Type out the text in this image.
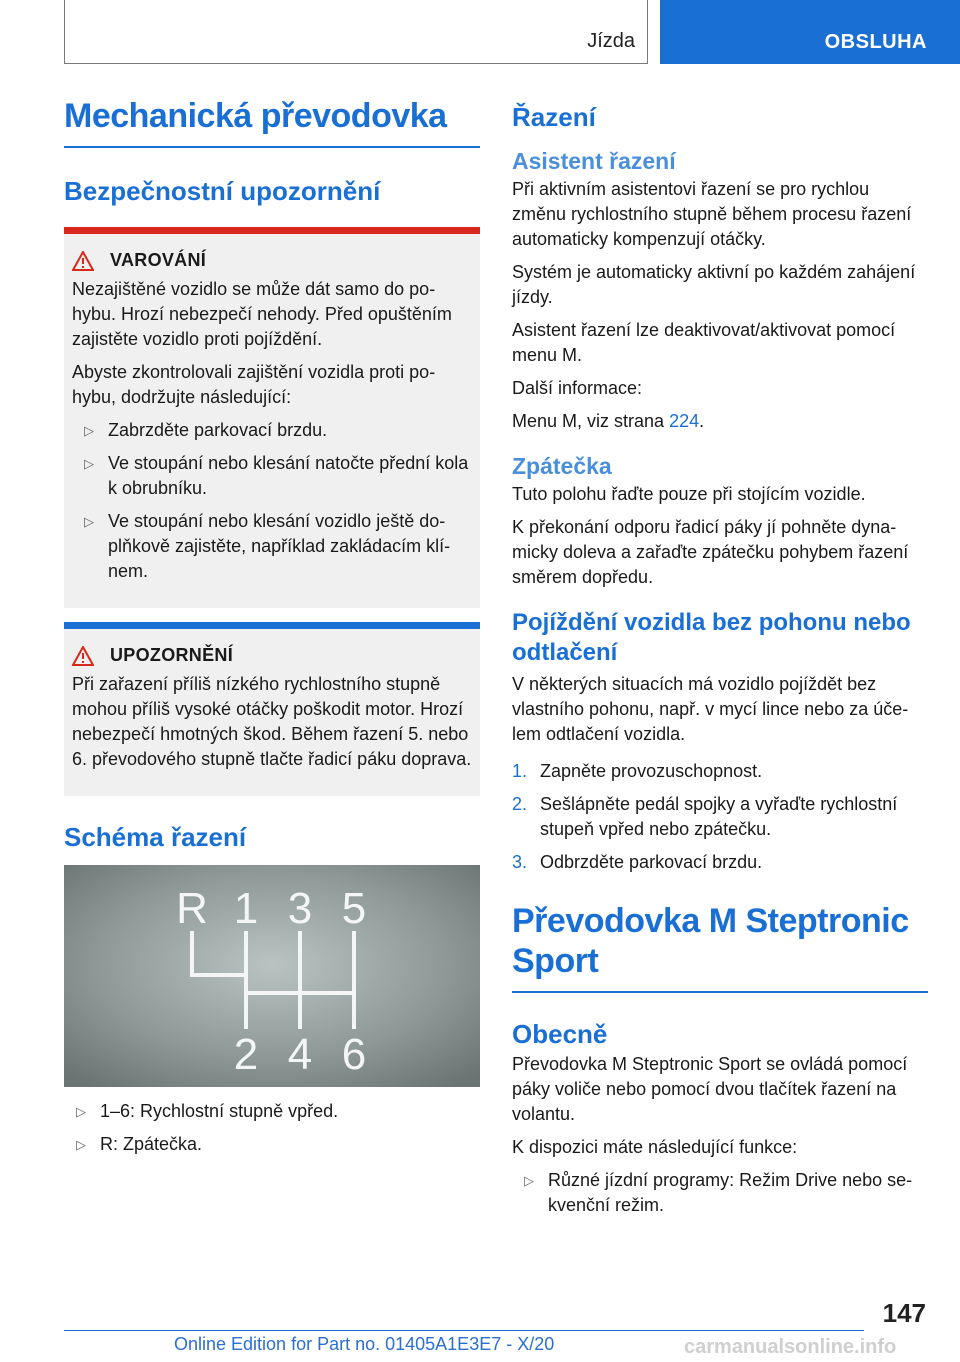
Jízda	OBSLUHA
Mechanická převodovka
Bezpečnostní upozornění
VAROVÁNÍ

Nezajištěné vozidlo se může dát samo do pohybu. Hrozí nebezpečí nehody. Před opuštěním zajistěte vozidlo proti pojíždění.

Abyste zkontrolovali zajištění vozidla proti pohybu, dodržujte následující:

▷ Zabrzděte parkovací brzdu.
▷ Ve stoupání nebo klesání natočte přední kola k obrubníku.
▷ Ve stoupání nebo klesání vozidlo ještě doplňkově zajistěte, například zakládacím klínem.
UPOZORNĚNÍ

Při zařazení příliš nízkého rychlostního stupně mohou příliš vysoké otáčky poškodit motor. Hrozí nebezpečí hmotných škod. Během řazení 5. nebo 6. převodového stupně tlačte řadicí páku doprava.

Schéma řazení
R 1 3 5
2 4 6
▷ 1–6: Rychlostní stupně vpřed.
▷ R: Zpátečka.
Řazení
Asistent řazení

Při aktivním asistentovi řazení se pro rychlou změnu rychlostního stupně během procesu řazení automaticky kompenzují otáčky.

Systém je automaticky aktivní po každém zahájení jízdy.

Asistent řazení lze deaktivovat/aktivovat pomocí menu M.

Další informace:

Menu M, viz strana 224.

Zpátečka

Tuto polohu řaďte pouze při stojícím vozidle.

K překonání odporu řadicí páky jí pohněte dynamicky doleva a zařaďte zpátečku pohybem řazení směrem dopředu.

Pojíždění vozidla bez pohonu nebo odtlačení

V některých situacích má vozidlo pojíždět bez vlastního pohonu, např. v mycí lince nebo za účelem odtlačení vozidla.

1. Zapněte provozuschopnost.
2. Sešlápněte pedál spojky a vyřaďte rychlostní stupeň vpřed nebo zpátečku.
3. Odbrzděte parkovací brzdu.
Převodovka M Steptronic Sport
Obecně

Převodovka M Steptronic Sport se ovládá pomocí páky voliče nebo pomocí dvou tlačítek řazení na volantu.

K dispozici máte následující funkce:

▷ Různé jízdní programy: Režim Drive nebo sekvenční režim.
147
Online Edition for Part no. 01405A1E3E7 - X/20	carmanualsonline.info
